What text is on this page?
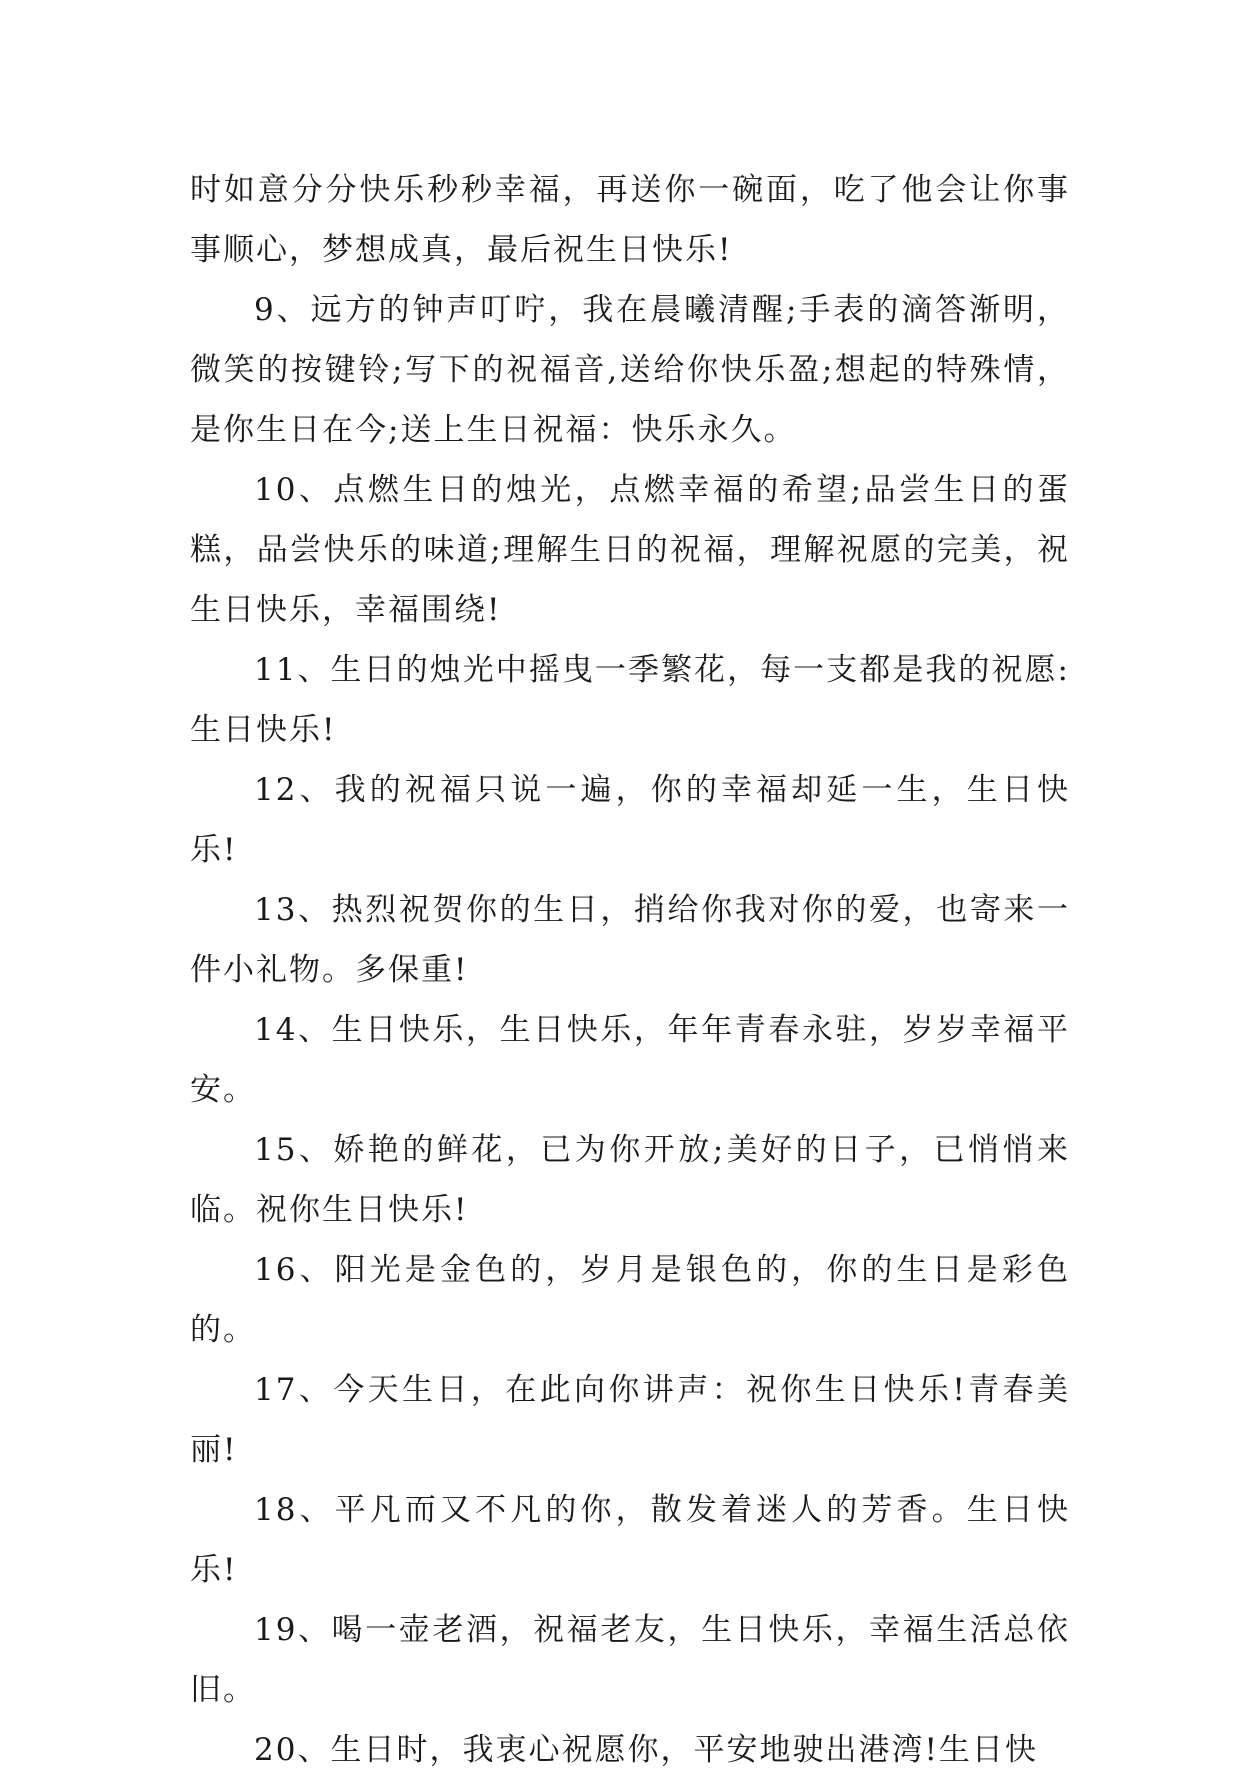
时如意分分快乐秒秒幸福，再送你一碗面，吃了他会让你事事顺心，梦想成真，最后祝生日快乐!

9、远方的钟声叮咛，我在晨曦清醒;手表的滴答渐明，微笑的按键铃;写下的祝福音,送给你快乐盈;想起的特殊情，是你生日在今;送上生日祝福：快乐永久。

10、点燃生日的烛光，点燃幸福的希望;品尝生日的蛋糕，品尝快乐的味道;理解生日的祝福，理解祝愿的完美，祝生日快乐，幸福围绕!

11、生日的烛光中摇曳一季繁花，每一支都是我的祝愿:生日快乐!

12、我的祝福只说一遍，你的幸福却延一生，生日快乐!

13、热烈祝贺你的生日，捎给你我对你的爱，也寄来一件小礼物。多保重!

14、生日快乐，生日快乐，年年青春永驻，岁岁幸福平安。

15、娇艳的鲜花，已为你开放;美好的日子，已悄悄来临。祝你生日快乐!

16、阳光是金色的，岁月是银色的，你的生日是彩色的。

17、今天生日，在此向你讲声：祝你生日快乐!青春美丽!

18、平凡而又不凡的你，散发着迷人的芳香。生日快乐!

19、喝一壶老酒，祝福老友，生日快乐，幸福生活总依旧。

20、生日时，我衷心祝愿你，平安地驶出港湾!生日快
